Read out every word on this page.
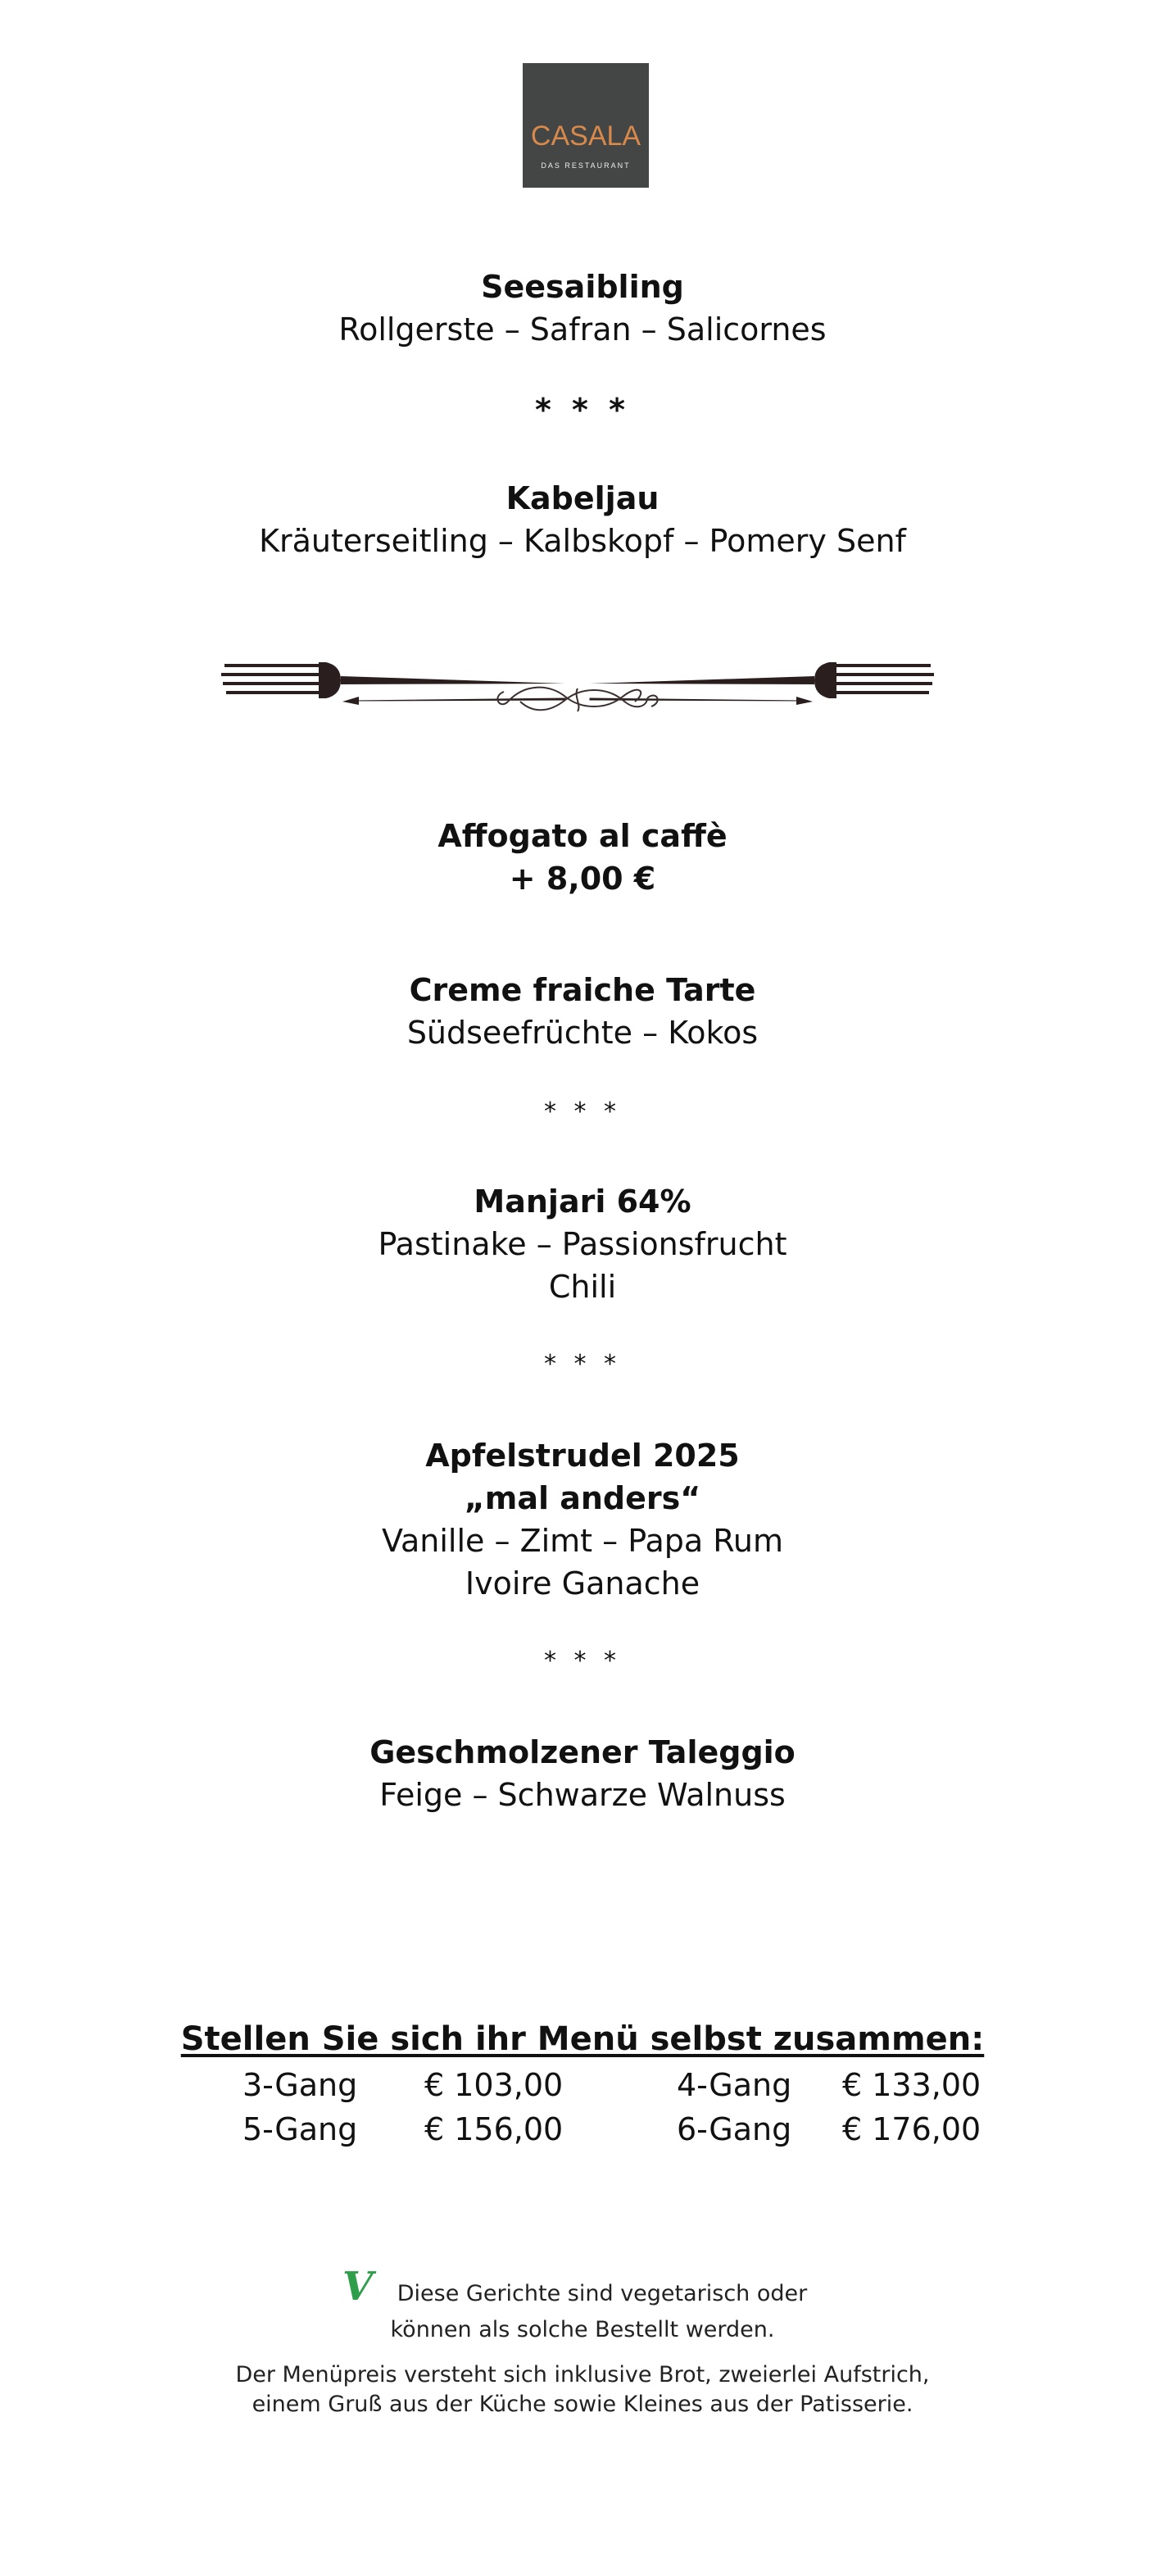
CASALA
DAS RESTAURANT
Seesaibling
Rollgerste – Safran – Salicornes
* * *
Kabeljau
Kräuterseitling – Kalbskopf – Pomery Senf
Affogato al caffè
+ 8,00 €
Creme fraiche Tarte
Südseefrüchte – Kokos
* * *
Manjari 64%
Pastinake – Passionsfrucht
Chili
* * *
Apfelstrudel 2025
„mal anders“
Vanille – Zimt – Papa Rum
Ivoire Ganache
* * *
Geschmolzener Taleggio
Feige – Schwarze Walnuss
Stellen Sie sich ihr Menü selbst zusammen:
3-Gang € 103,00	4-Gang € 133,00
5-Gang € 156,00	6-Gang € 176,00
V	Diese Gerichte sind vegetarisch oder
können als solche Bestellt werden.
Der Menüpreis versteht sich inklusive Brot, zweierlei Aufstrich,
einem Gruß aus der Küche sowie Kleines aus der Patisserie.
